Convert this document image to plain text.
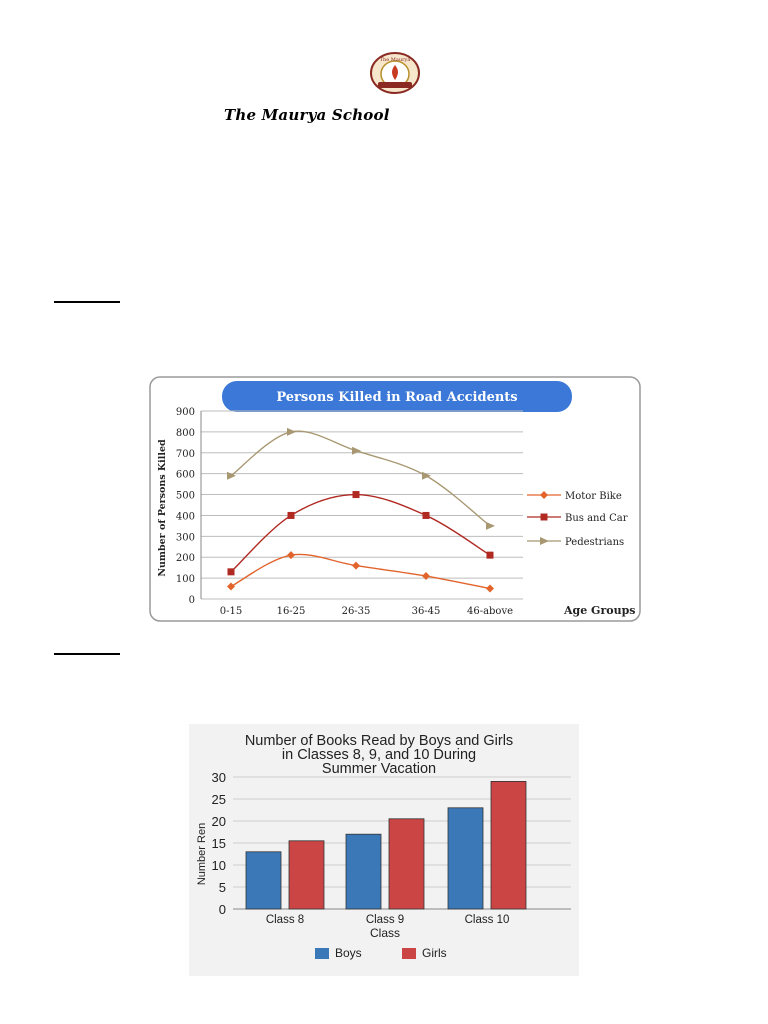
The Maurya
The Maurya School
Persons Killed in Road Accidents
Number of Persons Killed
Age Groups
0
100
200
300
400
500
600
700
800
900
0-15	16-25	26-35	36-45	46-above
Motor Bike
Bus and Car
Pedestrians
Number of Books Read by Boys and Girls
in Classes 8, 9, and 10 During
Summer Vacation
Number Ren
Class
0
5
10
15
20
25
30
Class 8	Class 9	Class 10
Boys	Girls
